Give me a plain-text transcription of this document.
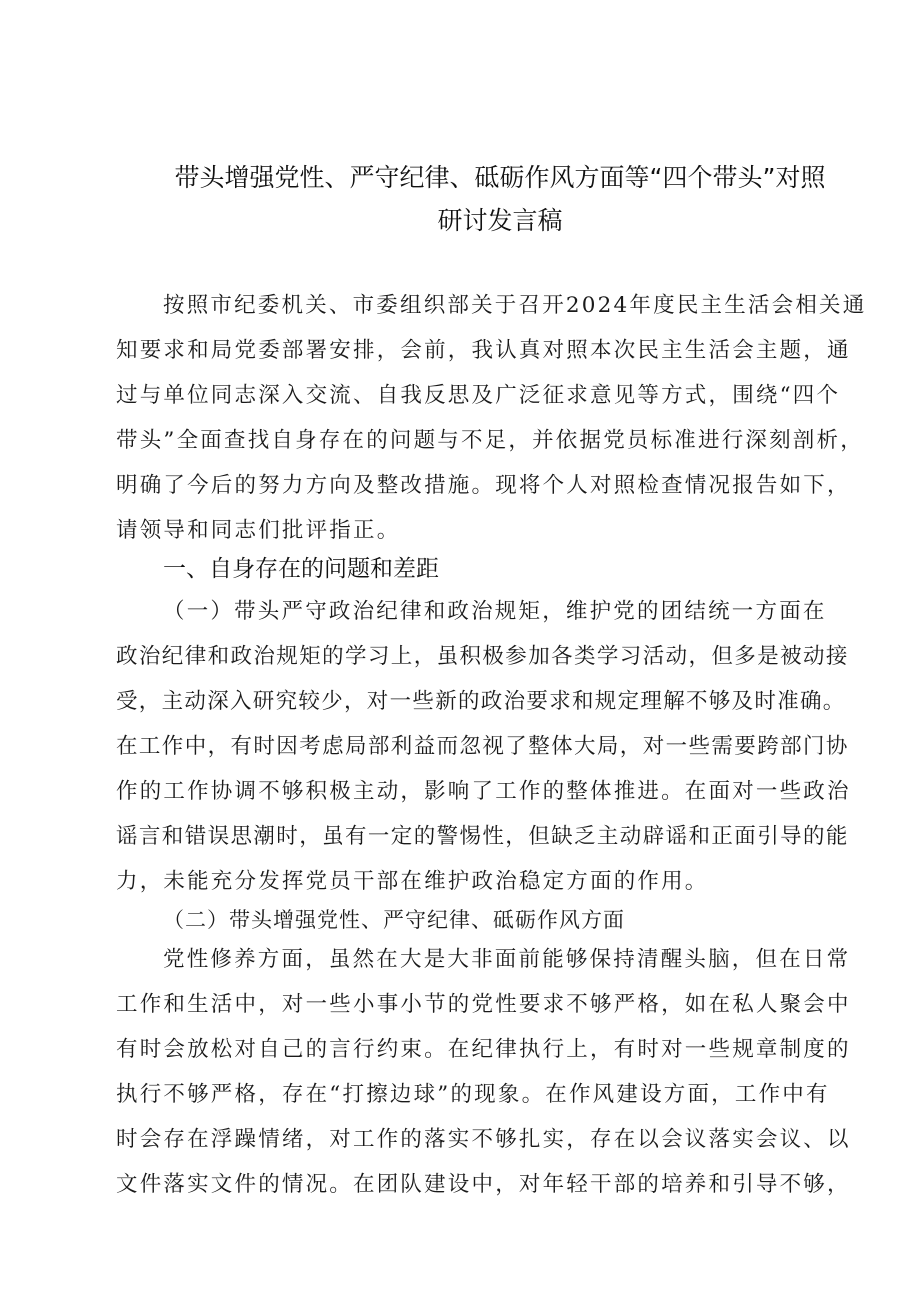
带头增强党性、严守纪律、砥砺作风方面等“四个带头”对照
研讨发言稿
按照市纪委机关、市委组织部关于召开2024年度民主生活会相关通
知要求和局党委部署安排，会前，我认真对照本次民主生活会主题，通
过与单位同志深入交流、自我反思及广泛征求意见等方式，围绕“四个
带头”全面查找自身存在的问题与不足，并依据党员标准进行深刻剖析，
明确了今后的努力方向及整改措施。现将个人对照检查情况报告如下，
请领导和同志们批评指正。
一、自身存在的问题和差距
（一）带头严守政治纪律和政治规矩，维护党的团结统一方面在
政治纪律和政治规矩的学习上，虽积极参加各类学习活动，但多是被动接
受，主动深入研究较少，对一些新的政治要求和规定理解不够及时准确。
在工作中，有时因考虑局部利益而忽视了整体大局，对一些需要跨部门协
作的工作协调不够积极主动，影响了工作的整体推进。在面对一些政治
谣言和错误思潮时，虽有一定的警惕性，但缺乏主动辟谣和正面引导的能
力，未能充分发挥党员干部在维护政治稳定方面的作用。
（二）带头增强党性、严守纪律、砥砺作风方面
党性修养方面，虽然在大是大非面前能够保持清醒头脑，但在日常
工作和生活中，对一些小事小节的党性要求不够严格，如在私人聚会中
有时会放松对自己的言行约束。在纪律执行上，有时对一些规章制度的
执行不够严格，存在“打擦边球”的现象。在作风建设方面，工作中有
时会存在浮躁情绪，对工作的落实不够扎实，存在以会议落实会议、以
文件落实文件的情况。在团队建设中，对年轻干部的培养和引导不够，
